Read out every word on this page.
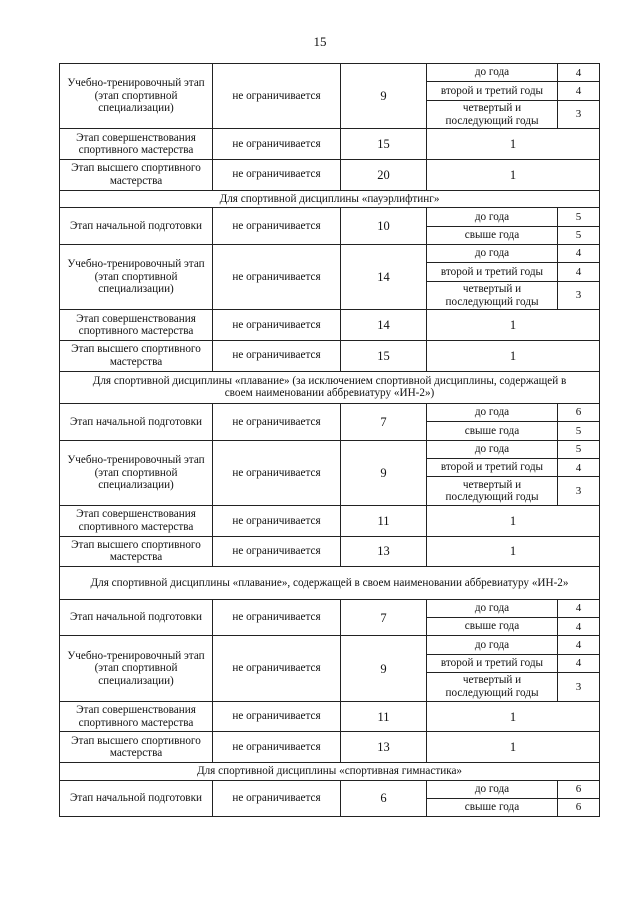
15
Учебно-тренировочный этап (этап спортивной специализации)	не ограничивается	9	до года	4
			второй и третий годы	4
			четвертый и последующий годы	3
Этап совершенствования спортивного мастерства	не ограничивается	15	1	
Этап высшего спортивного мастерства	не ограничивается	20	1	
Для спортивной дисциплины «пауэрлифтинг»				
Этап начальной подготовки	не ограничивается	10	до года	5
			свыше года	5
Учебно-тренировочный этап (этап спортивной специализации)	не ограничивается	14	до года	4
			второй и третий годы	4
			четвертый и последующий годы	3
Этап совершенствования спортивного мастерства	не ограничивается	14	1	
Этап высшего спортивного мастерства	не ограничивается	15	1	
Для спортивной дисциплины «плавание» (за исключением спортивной дисциплины, содержащей в своем наименовании аббревиатуру «ИН-2»)				
Этап начальной подготовки	не ограничивается	7	до года	6
			свыше года	5
Учебно-тренировочный этап (этап спортивной специализации)	не ограничивается	9	до года	5
			второй и третий годы	4
			четвертый и последующий годы	3
Этап совершенствования спортивного мастерства	не ограничивается	11	1	
Этап высшего спортивного мастерства	не ограничивается	13	1	
Для спортивной дисциплины «плавание», содержащей в своем наименовании аббревиатуру «ИН-2»				
Этап начальной подготовки	не ограничивается	7	до года	4
			свыше года	4
Учебно-тренировочный этап (этап спортивной специализации)	не ограничивается	9	до года	4
			второй и третий годы	4
			четвертый и последующий годы	3
Этап совершенствования спортивного мастерства	не ограничивается	11	1	
Этап высшего спортивного мастерства	не ограничивается	13	1	
Для спортивной дисциплины «спортивная гимнастика»				
Этап начальной подготовки	не ограничивается	6	до года	6
			свыше года	6
